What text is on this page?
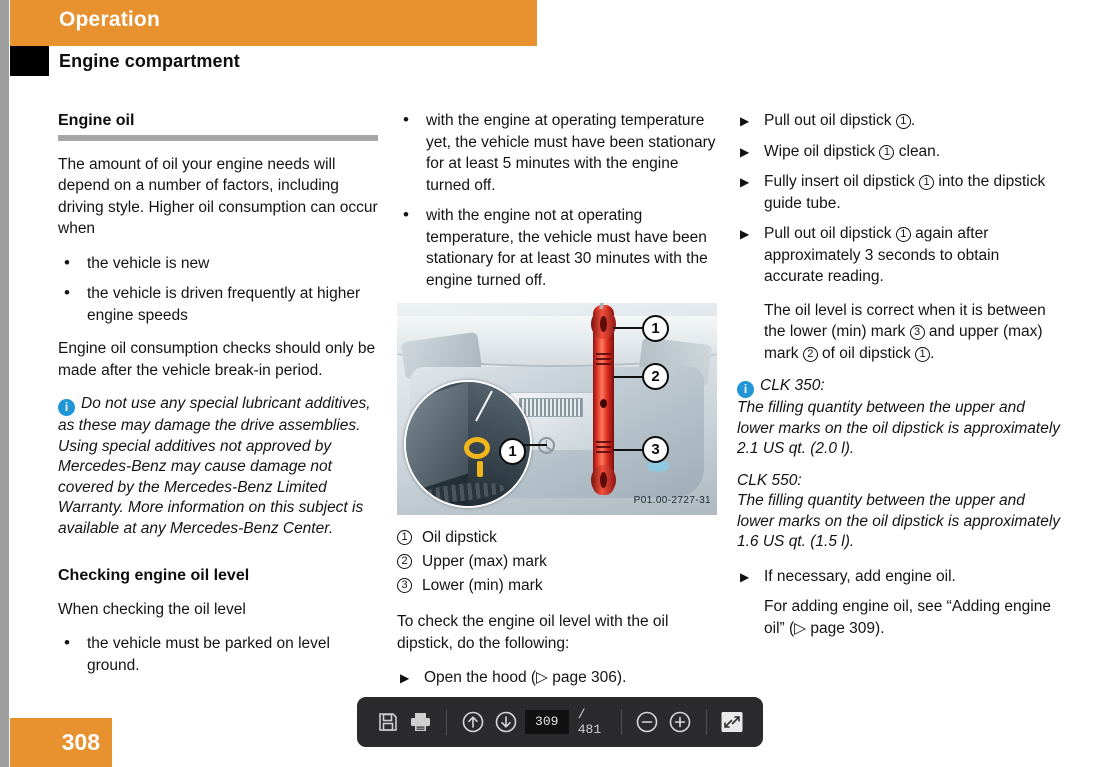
Operation
Engine compartment
Engine oil

The amount of oil your engine needs will depend on a number of factors, including driving style. Higher oil consumption can occur when

• the vehicle is new
• the vehicle is driven frequently at higher engine speeds

Engine oil consumption checks should only be made after the vehicle break-in period.

iDo not use any special lubricant additives, as these may damage the drive assemblies. Using special additives not approved by Mercedes-Benz may cause damage not covered by the Mercedes-Benz Limited Warranty. More information on this subject is available at any Mercedes-Benz Center.
Checking engine oil level

When checking the oil level

• the vehicle must be parked on level ground.
• with the engine at operating temperature yet, the vehicle must have been stationary for at least 5 minutes with the engine turned off.
• with the engine not at operating temperature, the vehicle must have been stationary for at least 30 minutes with the engine turned off.
1
1
2
3
P01.00-2727-31
1 Oil dipstick
2 Upper (max) mark
3 Lower (min) mark

To check the engine oil level with the oil dipstick, do the following:

▶ Open the hood (▷ page 306).
▶ Pull out oil dipstick 1 .
▶ Wipe oil dipstick 1 clean.
▶ Fully insert oil dipstick 1 into the dipstick guide tube.
▶ Pull out oil dipstick 1 again after approximately 3 seconds to obtain accurate reading.

The oil level is correct when it is between the lower (min) mark 3 and upper (max) mark 2 of oil dipstick 1 .

iCLK 350:
The filling quantity between the upper and lower marks on the oil dipstick is approximately 2.1 US qt. (2.0 l).
CLK 550:
The filling quantity between the upper and lower marks on the oil dipstick is approximately 1.6 US qt. (1.5 l).
▶ If necessary, add engine oil.

For adding engine oil, see “Adding engine oil” (▷ page 309).

308
309
/ 481
